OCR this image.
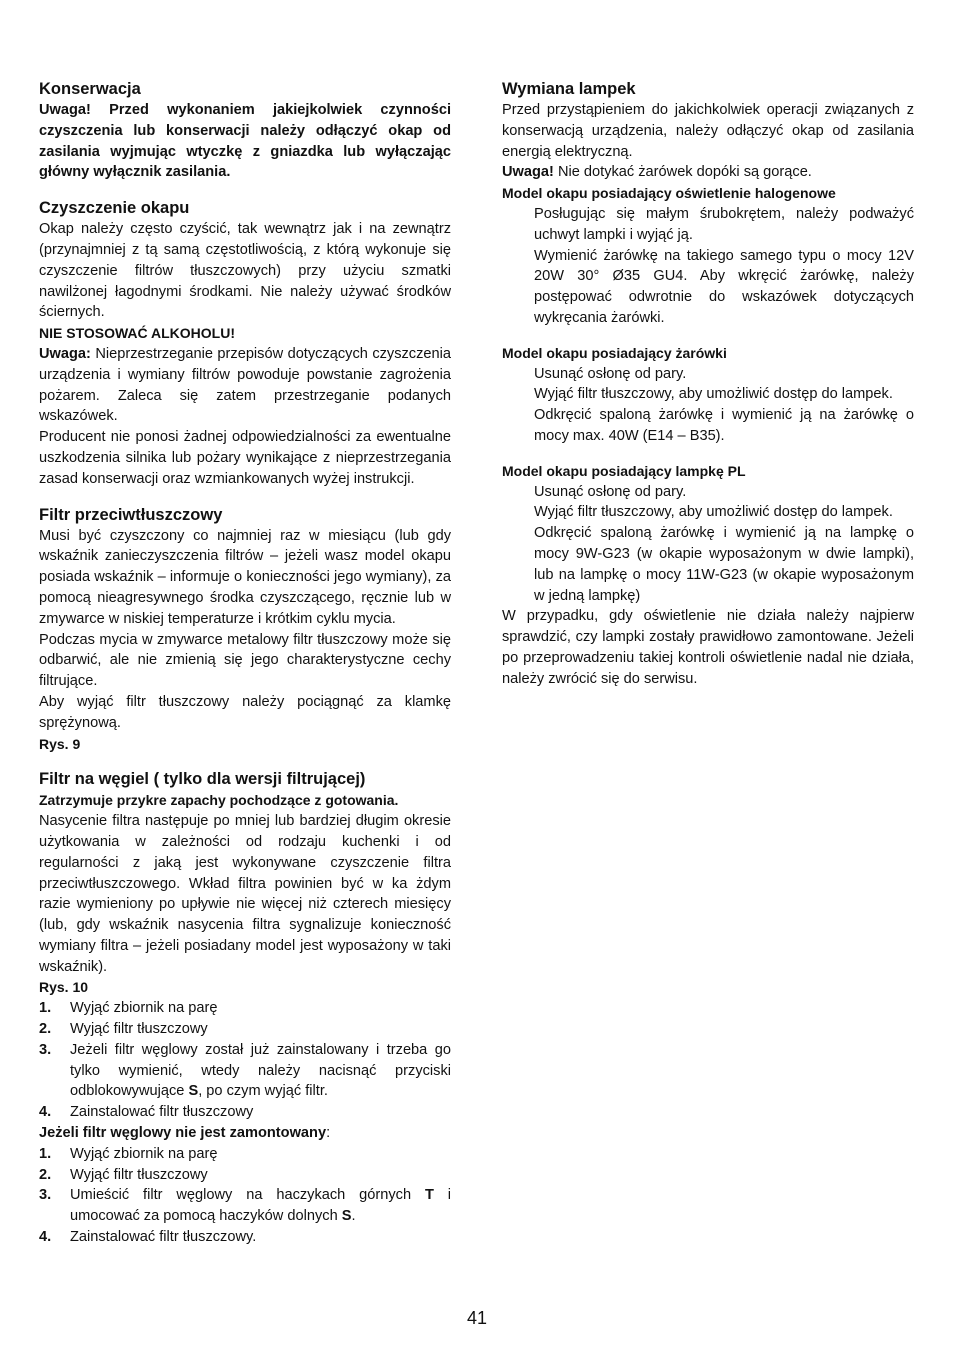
Konserwacja

Uwaga! Przed wykonaniem jakiejkolwiek czynności czyszczenia lub konserwacji należy odłączyć okap od zasilania wyjmując wtyczkę z gniazdka lub wyłączając główny wyłącznik zasilania.

Czyszczenie okapu

Okap należy często czyścić, tak wewnątrz jak i na zewnątrz (przynajmniej z tą samą częstotliwością, z którą wykonuje się czyszczenie filtrów tłuszczowych) przy użyciu szmatki nawilżonej łagodnymi środkami. Nie należy używać środków ściernych.

NIE STOSOWAĆ ALKOHOLU!

Uwaga: Nieprzestrzeganie przepisów dotyczących czyszczenia urządzenia i wymiany filtrów powoduje powstanie zagrożenia pożarem. Zaleca się zatem przestrzeganie podanych wskazówek.

Producent nie ponosi żadnej odpowiedzialności za ewentualne uszkodzenia silnika lub pożary wynikające z nieprzestrzegania zasad konserwacji oraz wzmiankowanych wyżej instrukcji.

Filtr przeciwtłuszczowy

Musi być czyszczony co najmniej raz w miesiącu (lub gdy wskaźnik zanieczyszczenia filtrów – jeżeli wasz model okapu posiada wskaźnik – informuje o konieczności jego wymiany), za pomocą nieagresywnego środka czyszczącego, ręcznie lub w zmywarce w niskiej temperaturze i krótkim cyklu mycia.

Podczas mycia w zmywarce metalowy filtr tłuszczowy może się odbarwić, ale nie zmienią się jego charakterystyczne cechy filtrujące.

Aby wyjąć filtr tłuszczowy należy pociągnąć za klamkę sprężynową.

Rys. 9

Filtr na węgiel ( tylko dla wersji filtrującej)

Zatrzymuje przykre zapachy pochodzące z gotowania.

Nasycenie filtra następuje po mniej lub bardziej długim okresie użytkowania w zależności od rodzaju kuchenki i od regularności z jaką jest wykonywane czyszczenie filtra przeciwtłuszczowego. Wkład filtra powinien być w ka żdym razie wymieniony po upływie nie więcej niż czterech miesięcy (lub, gdy wskaźnik nasycenia filtra sygnalizuje konieczność wymiany filtra – jeżeli posiadany model jest wyposażony w taki wskaźnik).

Rys. 10

1.	Wyjąć zbiornik na parę
2.	Wyjąć filtr tłuszczowy
3.	Jeżeli filtr węglowy został już zainstalowany i trzeba go tylko wymienić, wtedy należy nacisnąć przyciski odblokowywujące S, po czym wyjąć filtr.
4.	Zainstalować filtr tłuszczowy

Jeżeli filtr węglowy nie jest zamontowany:

1.	Wyjąć zbiornik na parę
2.	Wyjąć filtr tłuszczowy
3.	Umieścić filtr węglowy na haczykach górnych T i umocować za pomocą haczyków dolnych S.
4.	Zainstalować filtr tłuszczowy.
Wymiana lampek

Przed przystąpieniem do jakichkolwiek operacji związanych z konserwacją urządzenia, należy odłączyć okap od zasilania energią elektryczną.

Uwaga! Nie dotykać żarówek dopóki są gorące.

Model okapu posiadający oświetlenie halogenowe

Posługując się małym śrubokrętem, należy podważyć uchwyt lampki i wyjąć ją.

Wymienić żarówkę na takiego samego typu o mocy 12V 20W 30° Ø35 GU4. Aby wkręcić żarówkę, należy postępować odwrotnie do wskazówek dotyczących wykręcania żarówki.

Model okapu posiadający żarówki

Usunąć osłonę od pary.

Wyjąć filtr tłuszczowy, aby umożliwić dostęp do lampek.

Odkręcić spaloną żarówkę i wymienić ją na żarówkę o mocy max. 40W (E14 – B35).

Model okapu posiadający lampkę PL

Usunąć osłonę od pary.

Wyjąć filtr tłuszczowy, aby umożliwić dostęp do lampek.

Odkręcić spaloną żarówkę i wymienić ją na lampkę o mocy 9W-G23 (w okapie wyposażonym w dwie lampki), lub na lampkę o mocy 11W-G23 (w okapie wyposażonym w jedną lampkę)

W przypadku, gdy oświetlenie nie działa należy najpierw sprawdzić, czy lampki zostały prawidłowo zamontowane. Jeżeli po przeprowadzeniu takiej kontroli oświetlenie nadal nie działa, należy zwrócić się do serwisu.

41
